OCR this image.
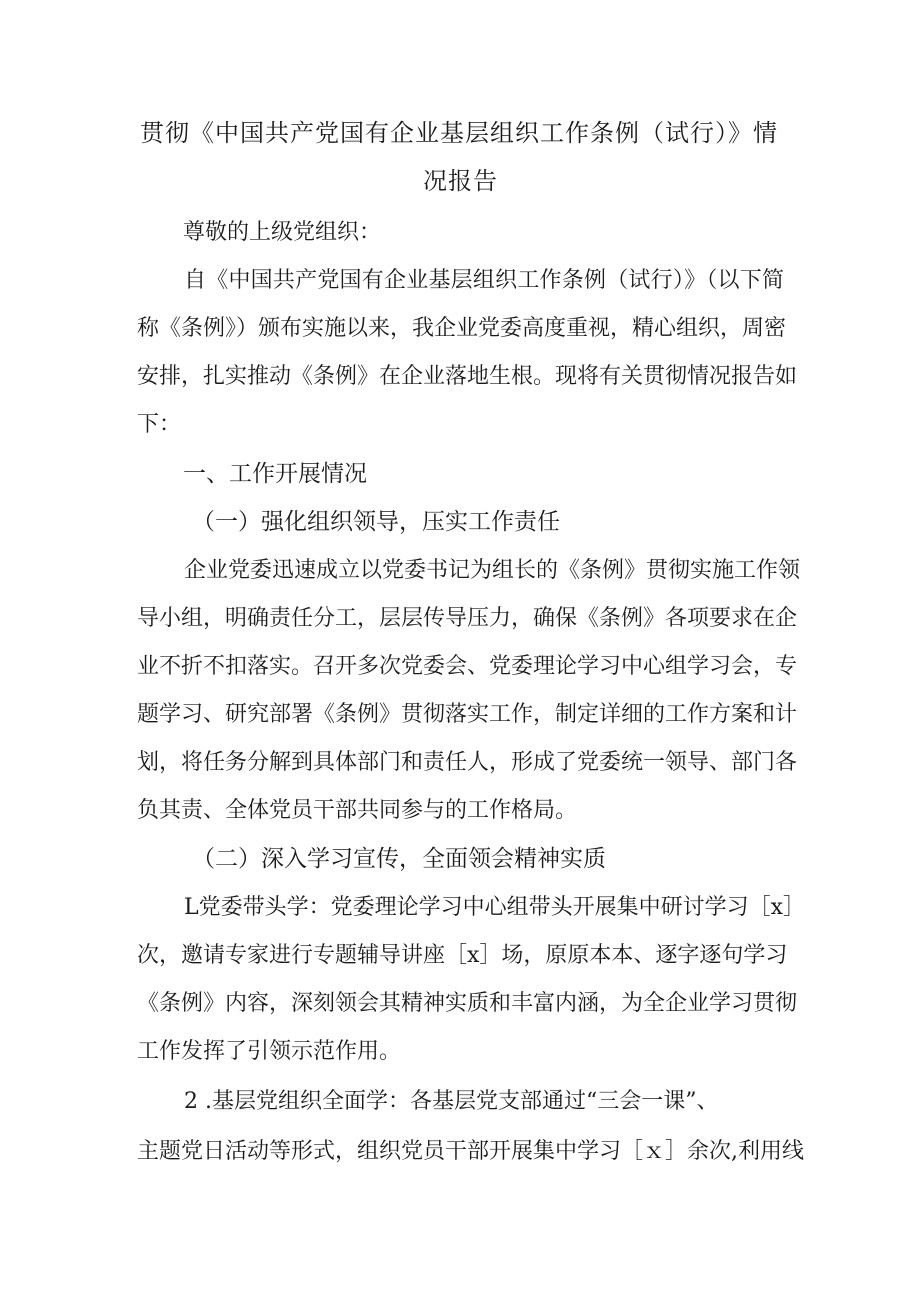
贯彻《中国共产党国有企业基层组织工作条例（试行）》情

况报告

尊敬的上级党组织：

自《中国共产党国有企业基层组织工作条例（试行）》（以下简

称《条例》）颁布实施以来，我企业党委高度重视，精心组织，周密

安排，扎实推动《条例》在企业落地生根。现将有关贯彻情况报告如

下：

一、工作开展情况

（一）强化组织领导，压实工作责任

企业党委迅速成立以党委书记为组长的《条例》贯彻实施工作领

导小组，明确责任分工，层层传导压力，确保《条例》各项要求在企

业不折不扣落实。召开多次党委会、党委理论学习中心组学习会，专

题学习、研究部署《条例》贯彻落实工作，制定详细的工作方案和计

划，将任务分解到具体部门和责任人，形成了党委统一领导、部门各

负其责、全体党员干部共同参与的工作格局。

（二）深入学习宣传，全面领会精神实质

L党委带头学：党委理论学习中心组带头开展集中研讨学习［x］

次，邀请专家进行专题辅导讲座［x］场，原原本本、逐字逐句学习

《条例》内容，深刻领会其精神实质和丰富内涵，为全企业学习贯彻

工作发挥了引领示范作用。

2 .基层党组织全面学：各基层党支部通过“三会一课”、

主题党日活动等形式，组织党员干部开展集中学习［ｘ］余次,利用线
